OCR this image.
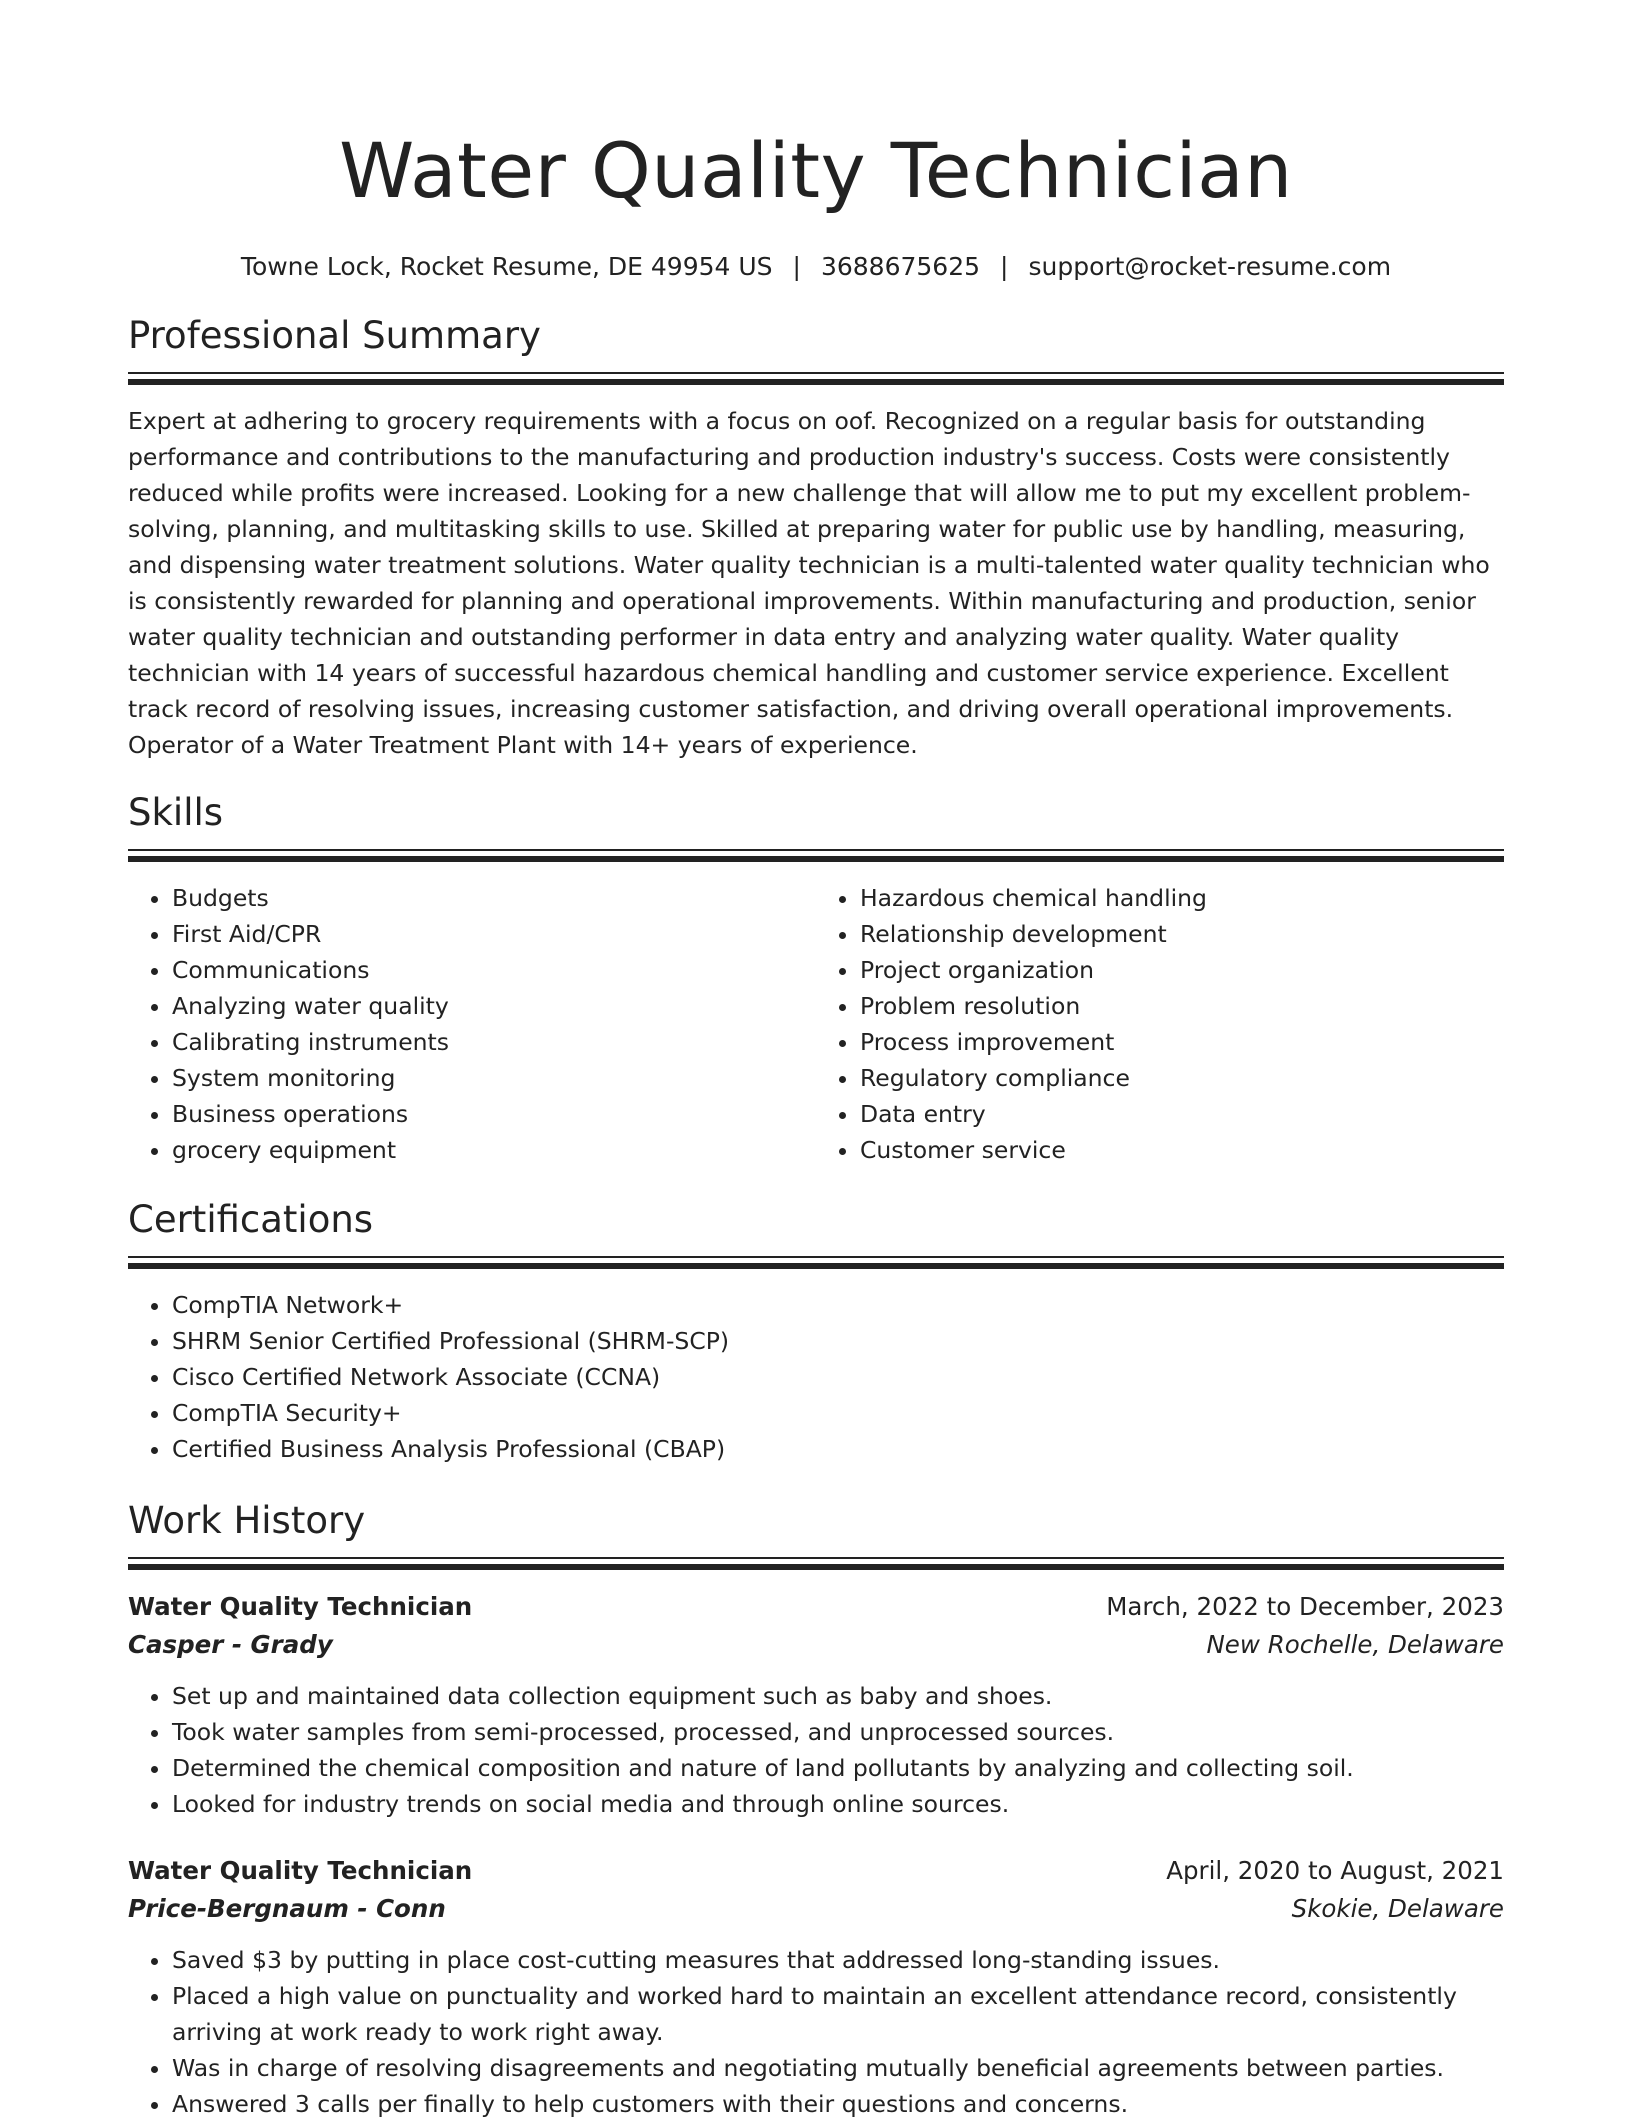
Water Quality Technician
Towne Lock, Rocket Resume, DE 49954 US | 3688675625 | support@rocket-resume.com
Professional Summary

Expert at adhering to grocery requirements with a focus on oof. Recognized on a regular basis for outstanding performance and contributions to the manufacturing and production industry's success. Costs were consistently reduced while profits were increased. Looking for a new challenge that will allow me to put my excellent problem-solving, planning, and multitasking skills to use. Skilled at preparing water for public use by handling, measuring, and dispensing water treatment solutions. Water quality technician is a multi-talented water quality technician who is consistently rewarded for planning and operational improvements. Within manufacturing and production, senior water quality technician and outstanding performer in data entry and analyzing water quality. Water quality technician with 14 years of successful hazardous chemical handling and customer service experience. Excellent track record of resolving issues, increasing customer satisfaction, and driving overall operational improvements. Operator of a Water Treatment Plant with 14+ years of experience.

Skills
• Budgets
• First Aid/CPR
• Communications
• Analyzing water quality
• Calibrating instruments
• System monitoring
• Business operations
• grocery equipment
• Hazardous chemical handling
• Relationship development
• Project organization
• Problem resolution
• Process improvement
• Regulatory compliance
• Data entry
• Customer service
Certifications
• CompTIA Network+
• SHRM Senior Certified Professional (SHRM-SCP)
• Cisco Certified Network Associate (CCNA)
• CompTIA Security+
• Certified Business Analysis Professional (CBAP)
Work History
Water Quality Technician	March, 2022 to December, 2023
Casper - Grady	New Rochelle, Delaware
• Set up and maintained data collection equipment such as baby and shoes.
• Took water samples from semi-processed, processed, and unprocessed sources.
• Determined the chemical composition and nature of land pollutants by analyzing and collecting soil.
• Looked for industry trends on social media and through online sources.
Water Quality Technician	April, 2020 to August, 2021
Price-Bergnaum - Conn	Skokie, Delaware
• Saved $3 by putting in place cost-cutting measures that addressed long-standing issues.
• Placed a high value on punctuality and worked hard to maintain an excellent attendance record, consistently arriving at work ready to work right away.
• Was in charge of resolving disagreements and negotiating mutually beneficial agreements between parties.
• Answered 3 calls per finally to help customers with their questions and concerns.
